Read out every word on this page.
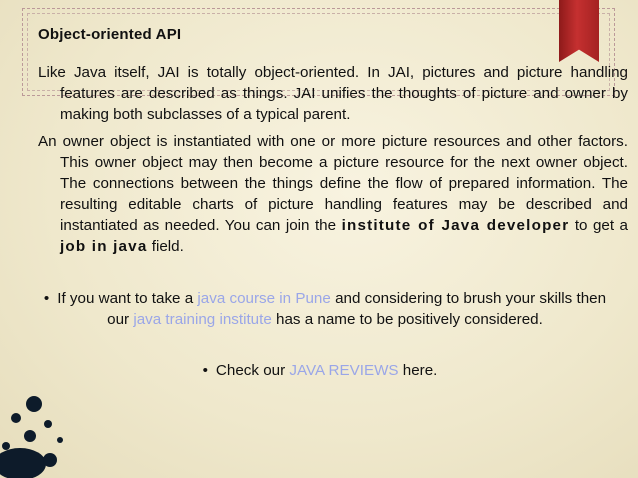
Object-oriented API
Like Java itself, JAI is totally object-oriented. In JAI, pictures and picture handling features are described as things. JAI unifies the thoughts of picture and owner by making both subclasses of a typical parent.
An owner object is instantiated with one or more picture resources and other factors. This owner object may then become a picture resource for the next owner object. The connections between the things define the flow of prepared information. The resulting editable charts of picture handling features may be described and instantiated as needed. You can join the institute of Java developer to get a job in java field.
• If you want to take a java course in Pune and considering to brush your skills then our java training institute has a name to be positively considered.
• Check our JAVA REVIEWS here.
